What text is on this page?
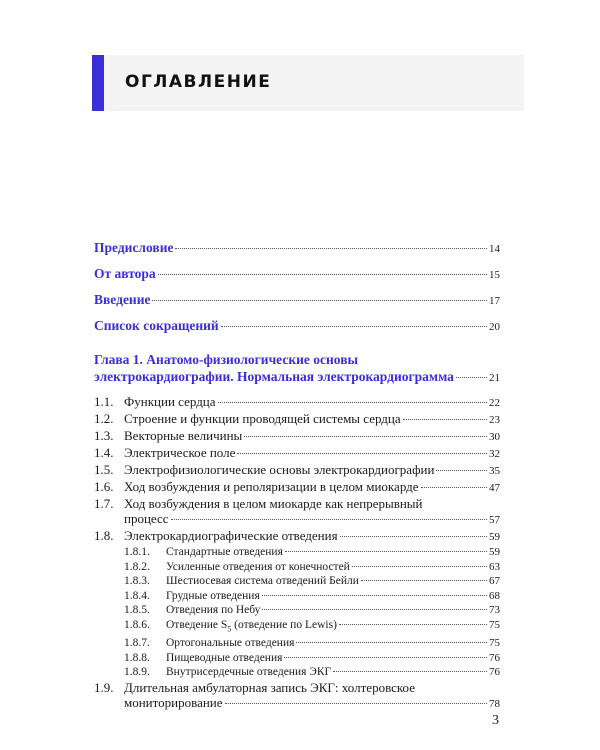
ОГЛАВЛЕНИЕ
Предисловие	14
От автора	15
Введение	17
Список сокращений	20
Глава 1. Анатомо-физиологические основы
электрокардиографии. Нормальная электрокардиограмма	21
1.1. Функции сердца	22
1.2. Строение и функции проводящей системы сердца	23
1.3. Векторные величины	30
1.4. Электрическое поле	32
1.5. Электрофизиологические основы электрокардиографии	35
1.6. Ход возбуждения и реполяризации в целом миокарде	47
1.7. Ход возбуждения в целом миокарде как непрерывный
процесс	57
1.8. Электрокардиографические отведения	59
1.8.1.	Стандартные отведения	59
1.8.2.	Усиленные отведения от конечностей	63
1.8.3.	Шестиосевая система отведений Бейли	67
1.8.4.	Грудные отведения	68
1.8.5.	Отведения по Небу	73
1.8.6.	Отведение $S_5$ (отведение по Lewis)	75
1.8.7.	Ортогональные отведения	75
1.8.8.	Пищеводные отведения	76
1.8.9.	Внутрисердечные отведения ЭКГ	76
1.9. Длительная амбулаторная запись ЭКГ: холтеровское
мониторирование	78
3
